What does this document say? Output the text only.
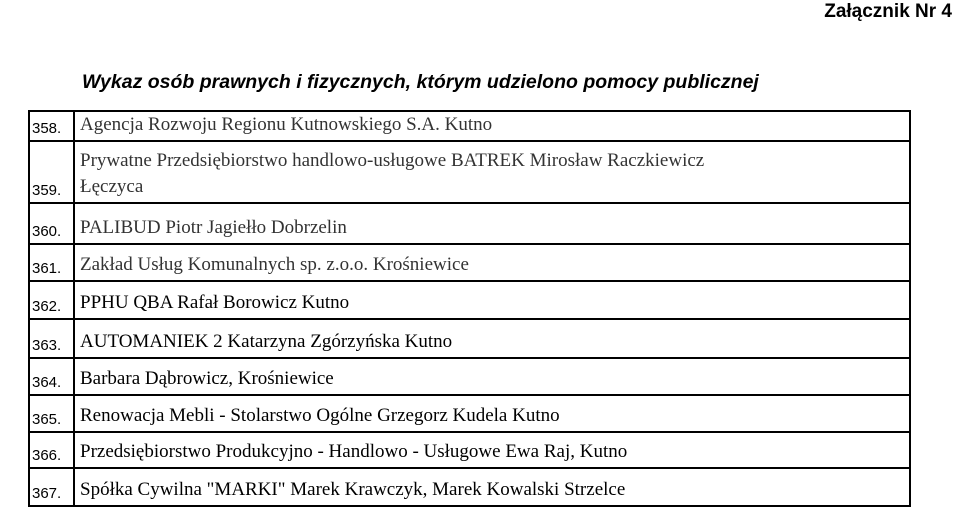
Załącznik Nr 4
Wykaz osób prawnych i fizycznych, którym udzielono pomocy publicznej
358. Agencja Rozwoju Regionu Kutnowskiego S.A. Kutno
359.
Prywatne Przedsiębiorstwo handlowo-usługowe BATREK Mirosław Raczkiewicz
Łęczyca
360. PALIBUD Piotr Jagiełło Dobrzelin
361. Zakład Usług Komunalnych sp. z.o.o. Krośniewice
362. PPHU QBA Rafał Borowicz Kutno
363. AUTOMANIEK 2 Katarzyna Zgórzyńska Kutno
364. Barbara Dąbrowicz, Krośniewice
365. Renowacja Mebli - Stolarstwo Ogólne Grzegorz Kudela Kutno
366. Przedsiębiorstwo Produkcyjno - Handlowo - Usługowe Ewa Raj, Kutno
367. Spółka Cywilna "MARKI" Marek Krawczyk, Marek Kowalski Strzelce
